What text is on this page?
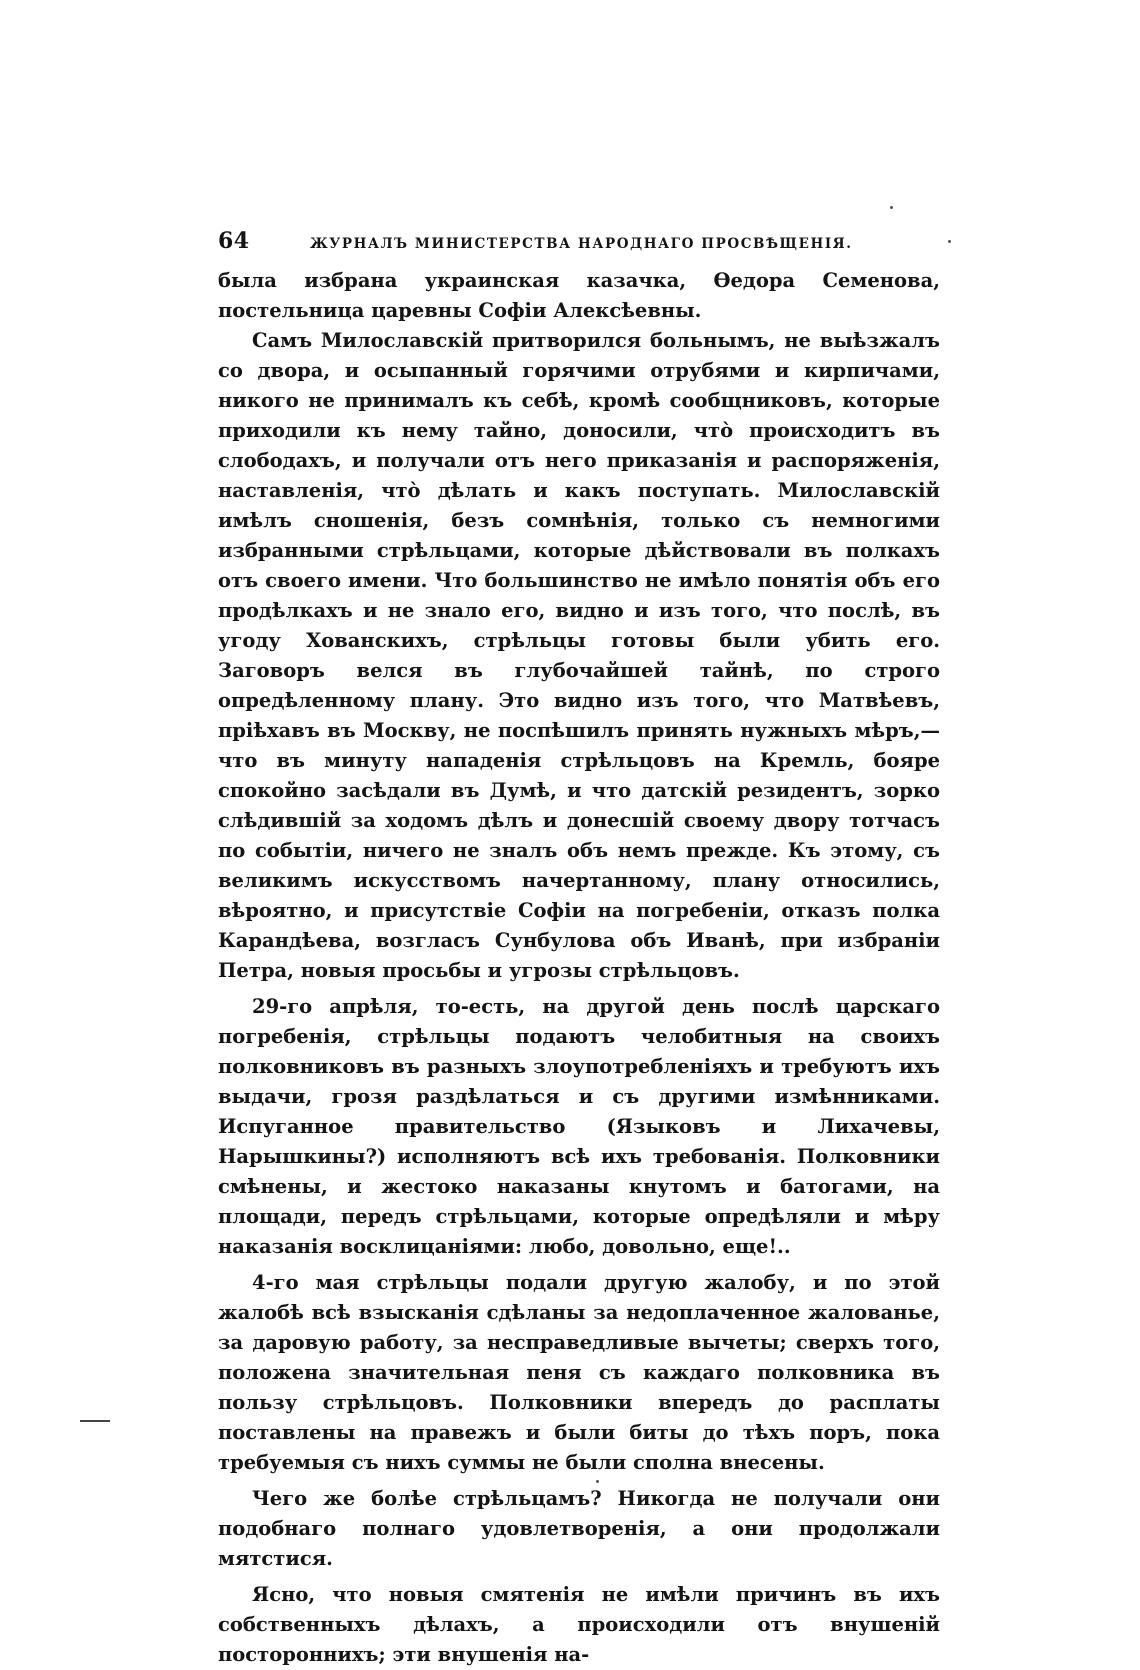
64	ЖУРНАЛЪ МИНИСТЕРСТВА НАРОДНАГО ПРОСВѢЩЕНІЯ.

была избрана украинская казачка, Ѳедора Семенова, постельница царевны Софіи Алексѣевны.

Самъ Милославскій притворился больнымъ, не выѣзжалъ со двора, и осыпанный горячими отрубями и кирпичами, никого не принималъ къ себѣ, кромѣ сообщниковъ, которые приходили къ нему тайно, доносили, что̀ происходитъ въ слободахъ, и получали отъ него приказанія и распоряженія, наставленія, что̀ дѣлать и какъ поступать. Милославскій имѣлъ сношенія, безъ сомнѣнія, только съ немногими избранными стрѣльцами, которые дѣйствовали въ полкахъ отъ своего имени. Что большинство не имѣло понятія объ его продѣлкахъ и не знало его, видно и изъ того, что послѣ, въ угоду Хованскихъ, стрѣльцы готовы были убить его. Заговоръ велся въ глубочайшей тайнѣ, по строго опредѣленному плану. Это видно изъ того, что Матвѣевъ, пріѣхавъ въ Москву, не поспѣшилъ принять нужныхъ мѣръ,—что въ минуту нападенія стрѣльцовъ на Кремль, бояре спокойно засѣдали въ Думѣ, и что датскій резидентъ, зорко слѣдившій за ходомъ дѣлъ и донесшій своему двору тотчасъ по событіи, ничего не зналъ объ немъ прежде. Къ этому, съ великимъ искусствомъ начертанному, плану относились, вѣроятно, и присутствіе Софіи на погребеніи, отказъ полка Карандѣева, возгласъ Сунбулова объ Иванѣ, при избраніи Петра, новыя просьбы и угрозы стрѣльцовъ.

29-го апрѣля, то-есть, на другой день послѣ царскаго погребенія, стрѣльцы подаютъ челобитныя на своихъ полковниковъ въ разныхъ злоупотребленіяхъ и требуютъ ихъ выдачи, грозя раздѣлаться и съ другими измѣнниками. Испуганное правительство (Языковъ и Лихачевы, Нарышкины?) исполняютъ всѣ ихъ требованія. Полковники смѣнены, и жестоко наказаны кнутомъ и батогами, на площади, передъ стрѣльцами, которые опредѣляли и мѣру наказанія восклицаніями: любо, довольно, еще!..

4-го мая стрѣльцы подали другую жалобу, и по этой жалобѣ всѣ взысканія сдѣланы за недоплаченное жалованье, за даровую работу, за несправедливые вычеты; сверхъ того, положена значительная пеня съ каждаго полковника въ пользу стрѣльцовъ. Полковники впередъ до расплаты поставлены на правежъ и были биты до тѣхъ поръ, пока требуемыя съ нихъ суммы не были сполна внесены.

Чего же болѣе стрѣльцамъ? Никогда не получали они подобнаго полнаго удовлетворенія, а они продолжали мятстися.

Ясно, что новыя смятенія не имѣли причинъ въ ихъ собственныхъ дѣлахъ, а происходили отъ внушеній постороннихъ; эти внушенія на-
